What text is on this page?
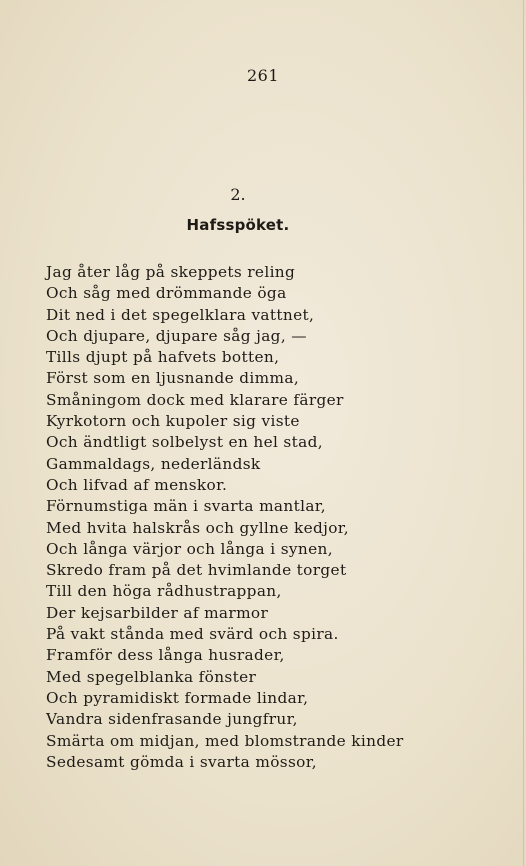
261
2.
Hafsspöket.
Jag åter låg på skeppets reling
Och såg med drömmande öga
Dit ned i det spegelklara vattnet,
Och djupare, djupare såg jag, —
Tills djupt på hafvets botten,
Först som en ljusnande dimma,
Småningom dock med klarare färger
Kyrkotorn och kupoler sig viste
Och ändtligt solbelyst en hel stad,
Gammaldags, nederländsk
Och lifvad af menskor.
Förnumstiga män i svarta mantlar,
Med hvita halskrås och gyllne kedjor,
Och långa värjor och långa i synen,
Skredo fram på det hvimlande torget
Till den höga rådhustrappan,
Der kejsarbilder af marmor
På vakt stånda med svärd och spira.
Framför dess långa husrader,
Med spegelblanka fönster
Och pyramidiskt formade lindar,
Vandra sidenfrasande jungfrur,
Smärta om midjan, med blomstrande kinder
Sedesamt gömda i svarta mössor,
